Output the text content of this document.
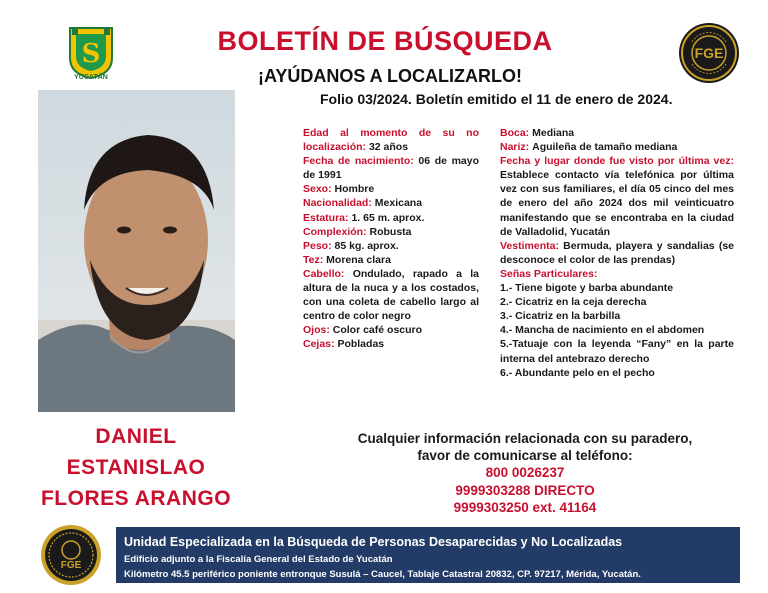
S
YUCATÁN
BOLETÍN DE BÚSQUEDA
¡AYÚDANOS A LOCALIZARLO!
Folio 03/2024. Boletín emitido el 11 de enero de 2024.
FGE
DANIEL
ESTANISLAO
FLORES ARANGO

Edad al momento de su no localización: 32 años

Fecha de nacimiento: 06 de mayo de 1991

Sexo: Hombre

Nacionalidad: Mexicana

Estatura: 1. 65 m. aprox.

Complexión: Robusta

Peso: 85 kg. aprox.

Tez: Morena clara

Cabello: Ondulado, rapado a la altura de la nuca y a los costados, con una coleta de cabello largo al centro de color negro

Ojos: Color café oscuro

Cejas: Pobladas

Boca: Mediana

Nariz: Aguileña de tamaño mediana

Fecha y lugar donde fue visto por última vez: Establece contacto vía telefónica por última vez con sus familiares, el día 05 cinco del mes de enero del año 2024 dos mil veinticuatro manifestando que se encontraba en la ciudad de Valladolid, Yucatán

Vestimenta: Bermuda, playera y sandalias (se desconoce el color de las prendas)

Señas Particulares:

1.- Tiene bigote y barba abundante

2.- Cicatriz en la ceja derecha

3.- Cicatriz en la barbilla

4.- Mancha de nacimiento en el abdomen

5.-Tatuaje con la leyenda “Fany” en la parte interna del antebrazo derecho

6.- Abundante pelo en el pecho

Cualquier información relacionada con su paradero,
favor de comunicarse al teléfono:
800 0026237
9999303288 DIRECTO
9999303250 ext. 41164
FGE
Unidad Especializada en la Búsqueda de Personas Desaparecidas y No Localizadas
Edificio adjunto a la Fiscalía General del Estado de Yucatán
Kilómetro 45.5 periférico poniente entronque Susulá – Caucel, Tablaje Catastral 20832, CP. 97217, Mérida, Yucatán.
